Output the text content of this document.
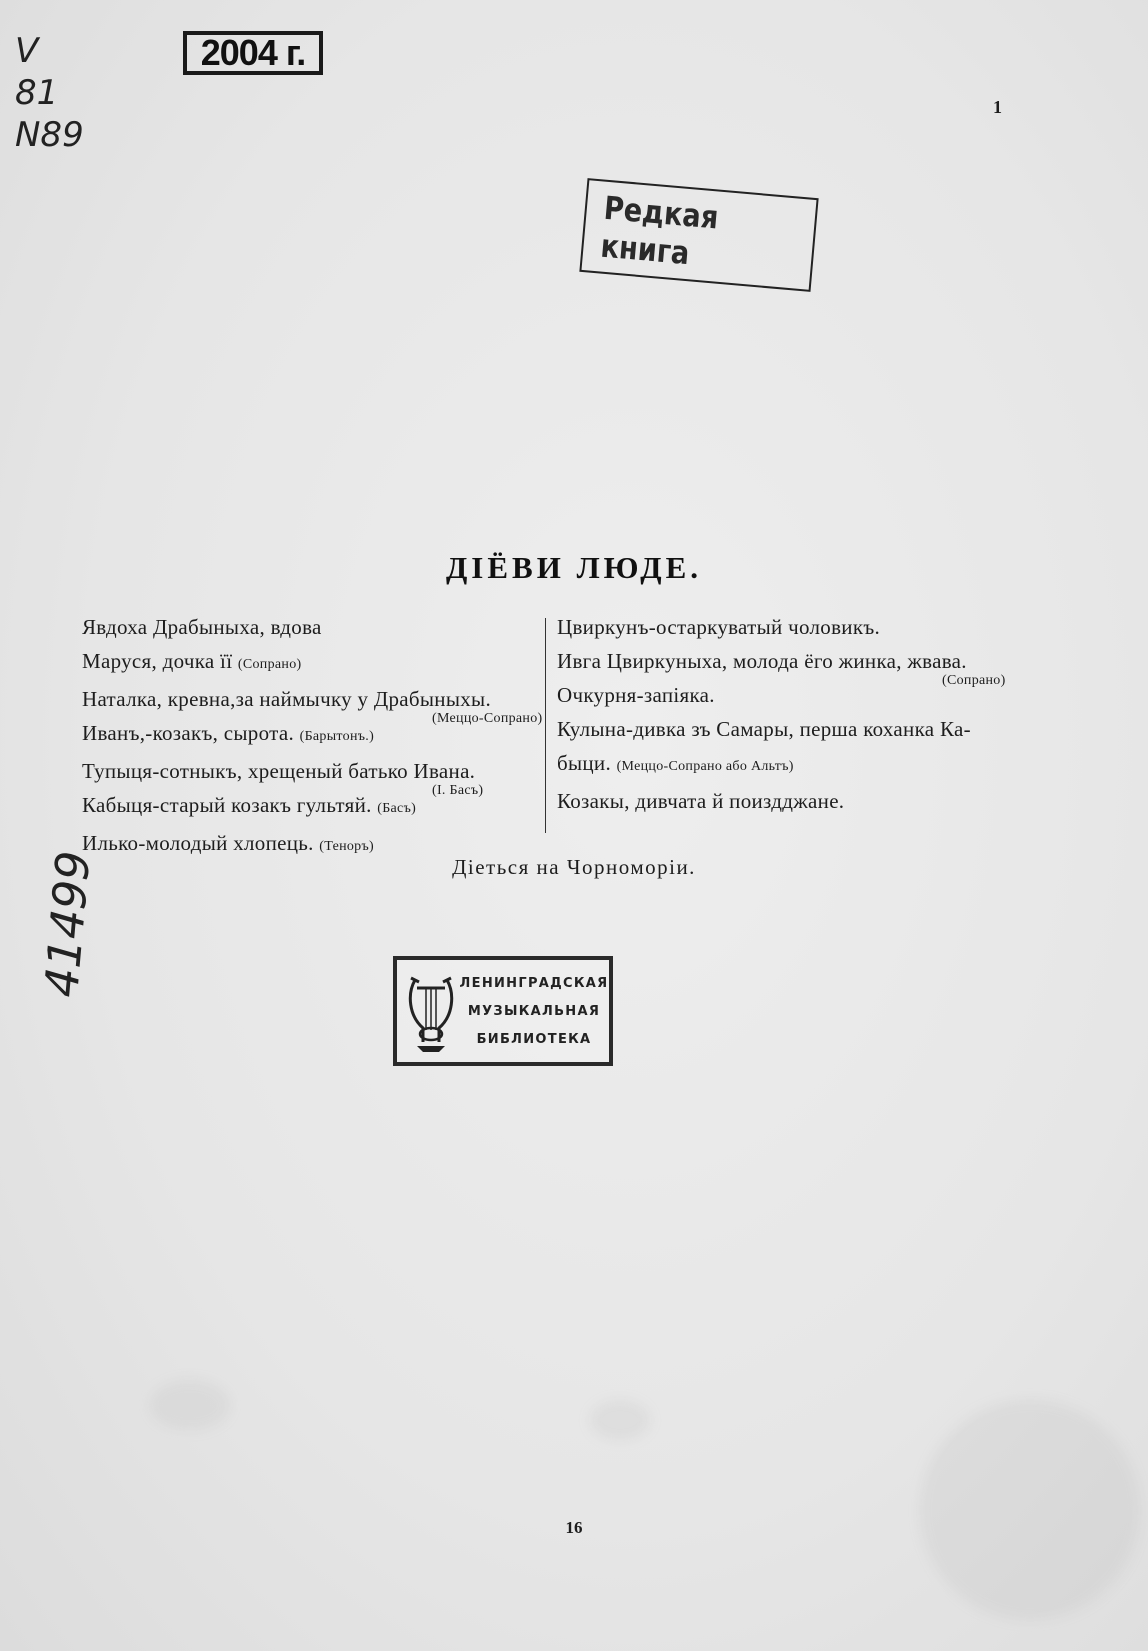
2004 г.
V
81
N89
41499
1
Редкая книга
ДІЁВИ ЛЮДЕ.
Явдоха Драбыныха, вдова
Маруся, дочка її (Сопрано)
Наталка, кревна,за наймычку у Драбыныхы.
(Меццо-Сопрано)
Иванъ,-козакъ, сырота. (Барытонъ.)
Тупыця-сотныкъ, хрещеный батько Ивана.
(I. Басъ)
Кабыця-старый козакъ гультяй. (Басъ)
Илько-молодый хлопець. (Теноръ)
Цвиркунъ-остаркуватый чоловикъ.
Ивга Цвиркуныха, молода ёго жинка, жвава.
(Сопрано)
Очкурня-запіяка.
Кулына-дивка зъ Самары, перша коханка Ка-
быци. (Меццо-Сопрано або Альтъ)
Козакы, дивчата й поиздджане.
Діеться на Чорноморіи.
ЛЕНИНГРАДСКАЯ
МУЗЫКАЛЬНАЯ
БИБЛИОТЕКА
16
